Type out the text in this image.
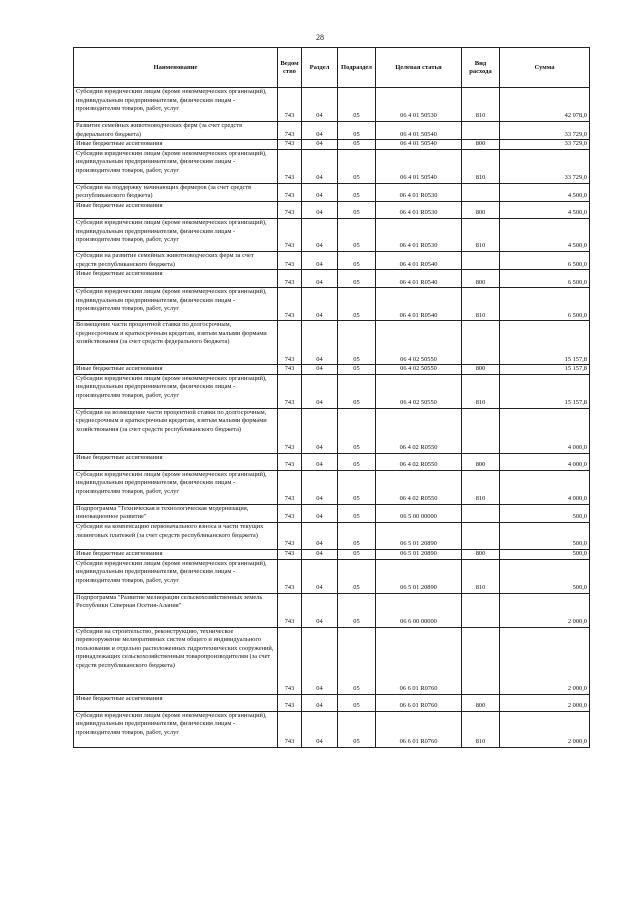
28
Наименование	Ведом ство	Раздел	Подраздел	Целевая статья	Вид расхода	Сумма
Субсидии юридическим лицам (кроме некоммерческих организаций), индивидуальным предпринимателям, физическим лицам - производителям товаров, работ, услуг	743	04	05	06 4 01 50530	810	42 078,0
Развитие семейных животноводческих ферм (за счет средств федерального бюджета)	743	04	05	06 4 01 50540		33 729,0
Иные бюджетные ассигнования	743	04	05	06 4 01 50540	800	33 729,0
Субсидии юридическим лицам (кроме некоммерческих организаций), индивидуальным предпринимателям, физическим лицам - производителям товаров, работ, услуг	743	04	05	06 4 01 50540	810	33 729,0
Субсидии на поддержку начинающих фермеров (за счет средств республиканского бюджета)	743	04	05	06 4 01 R0530		4 500,0
Иные бюджетные ассигнования	743	04	05	06 4 01 R0530	800	4 500,0
Субсидии юридическим лицам (кроме некоммерческих организаций), индивидуальным предпринимателям, физическим лицам - производителям товаров, работ, услуг	743	04	05	06 4 01 R0530	810	4 500,0
Субсидии на развитие семейных животноводческих ферм за счет средств республиканского бюджета)	743	04	05	06 4 01 R0540		6 500,0
Иные бюджетные ассигнования	743	04	05	06 4 01 R0540	800	6 500,0
Субсидии юридическим лицам (кроме некоммерческих организаций), индивидуальным предпринимателям, физическим лицам - производителям товаров, работ, услуг	743	04	05	06 4 01 R0540	810	6 500,0
Возмещение части процентной ставки по долгосрочным, среднесрочным и краткосрочным кредитам, взятым малыми формами хозяйствования (за счет средств федерального бюджета)	743	04	05	06 4 02 50550		15 157,8
Иные бюджетные ассигнования	743	04	05	06 4 02 50550	800	15 157,8
Субсидии юридическим лицам (кроме некоммерческих организаций), индивидуальным предпринимателям, физическим лицам - производителям товаров, работ, услуг	743	04	05	06 4 02 50550	810	15 157,8
Субсидии на возмещение части процентной ставки по долгосрочным, среднесрочным и краткосрочным кредитам, взятым малыми формами хозяйствования (за счет средств республиканского бюджета)	743	04	05	06 4 02 R0550		4 000,0
Иные бюджетные ассигнования	743	04	05	06 4 02 R0550	800	4 000,0
Субсидии юридическим лицам (кроме некоммерческих организаций), индивидуальным предпринимателям, физическим лицам - производителям товаров, работ, услуг	743	04	05	06 4 02 R0550	810	4 000,0
Подпрограмма "Техническая и технологическая модернизация, инновационное развитие"	743	04	05	06 5 00 00000		500,0
Субсидии на компенсацию первоначального взноса и части текущих лизинговых платежей (за счет средств республиканского бюджета)	743	04	05	06 5 01 20890		500,0
Иные бюджетные ассигнования	743	04	05	06 5 01 20890	800	500,0
Субсидии юридическим лицам (кроме некоммерческих организаций), индивидуальным предпринимателям, физическим лицам - производителям товаров, работ, услуг	743	04	05	06 5 01 20890	810	500,0
Подпрограмма "Развитие мелиорации сельскохозяйственных земель Республики Северная Осетия-Алания"	743	04	05	06 6 00 00000		2 000,0
Субсидии на строительство, реконструкцию, техническое перевооружение мелиоративных систем общего и индивидуального пользования и отдельно расположенных гидротехнических сооружений, принадлежащих сельскохозяйственным товаропроизводителям (за счет средств республиканского бюджета)	743	04	05	06 6 01 R0760		2 000,0
Иные бюджетные ассигнования	743	04	05	06 6 01 R0760	800	2 000,0
Субсидии юридическим лицам (кроме некоммерческих организаций), индивидуальным предпринимателям, физическим лицам - производителям товаров, работ, услуг	743	04	05	06 6 01 R0760	810	2 000,0
